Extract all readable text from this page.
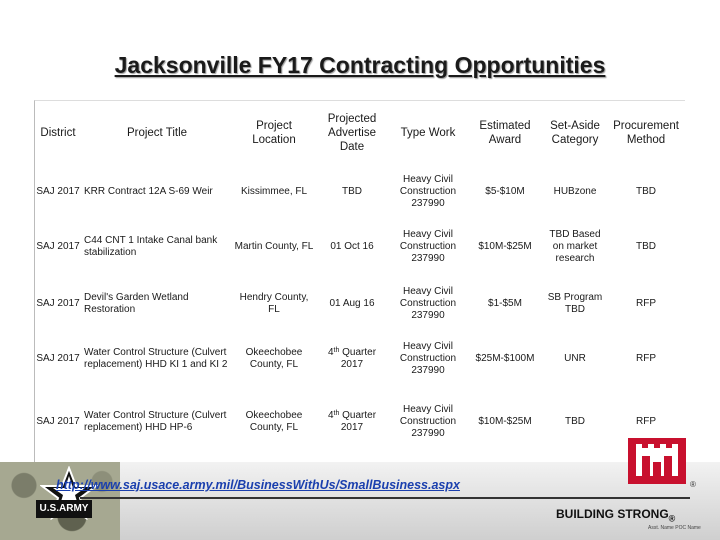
Jacksonville FY17 Contracting Opportunities
District	Project Title	Project Location	Projected Advertise Date	Type Work	Estimated Award	Set-Aside Category	Procurement Method
SAJ 2017	KRR Contract 12A S-69 Weir	Kissimmee, FL	TBD	Heavy Civil Construction 237990	$5-$10M	HUBzone	TBD
SAJ 2017	C44 CNT 1 Intake Canal bank stabilization	Martin County, FL	01 Oct 16	Heavy Civil Construction 237990	$10M-$25M	TBD Based on market research	TBD
SAJ 2017	Devil's Garden Wetland Restoration	Hendry County, FL	01 Aug 16	Heavy Civil Construction 237990	$1-$5M	SB Program TBD	RFP
SAJ 2017	Water Control Structure (Culvert replacement) HHD KI 1 and KI 2	Okeechobee County, FL	4th Quarter 2017	Heavy Civil Construction 237990	$25M-$100M	UNR	RFP
SAJ 2017	Water Control Structure (Culvert replacement) HHD HP-6	Okeechobee County, FL	4th Quarter 2017	Heavy Civil Construction 237990	$10M-$25M	TBD	RFP
U.S.ARMY
®
http://www.saj.usace.army.mil/BusinessWithUs/SmallBusiness.aspx
BUILDING $STRONG_®$
Asst. Name POC Name
